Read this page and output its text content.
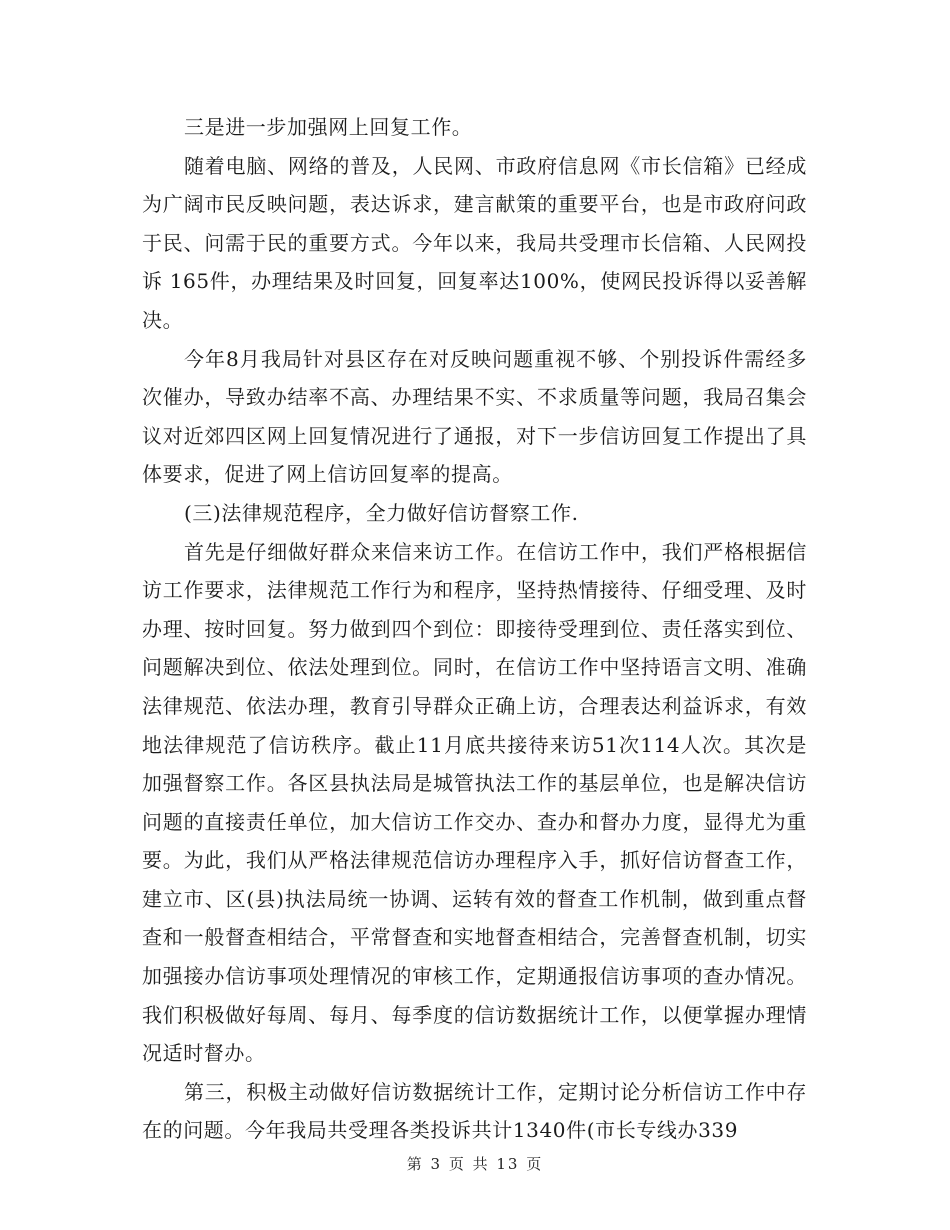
三是进一步加强网上回复工作。

随着电脑、网络的普及，人民网、市政府信息网《市长信箱》已经成为广阔市民反映问题，表达诉求，建言献策的重要平台，也是市政府问政于民、问需于民的重要方式。今年以来，我局共受理市长信箱、人民网投诉 165件，办理结果及时回复，回复率达100%，使网民投诉得以妥善解决。

今年8月我局针对县区存在对反映问题重视不够、个别投诉件需经多次催办，导致办结率不高、办理结果不实、不求质量等问题，我局召集会议对近郊四区网上回复情况进行了通报，对下一步信访回复工作提出了具体要求，促进了网上信访回复率的提高。

(三)法律规范程序，全力做好信访督察工作.

首先是仔细做好群众来信来访工作。在信访工作中，我们严格根据信访工作要求，法律规范工作行为和程序，坚持热情接待、仔细受理、及时办理、按时回复。努力做到四个到位：即接待受理到位、责任落实到位、问题解决到位、依法处理到位。同时，在信访工作中坚持语言文明、准确法律规范、依法办理，教育引导群众正确上访，合理表达利益诉求，有效地法律规范了信访秩序。截止11月底共接待来访51次114人次。其次是加强督察工作。各区县执法局是城管执法工作的基层单位，也是解决信访问题的直接责任单位，加大信访工作交办、查办和督办力度，显得尤为重要。为此，我们从严格法律规范信访办理程序入手，抓好信访督查工作，建立市、区(县)执法局统一协调、运转有效的督查工作机制，做到重点督查和一般督查相结合，平常督查和实地督查相结合，完善督查机制，切实加强接办信访事项处理情况的审核工作，定期通报信访事项的查办情况。我们积极做好每周、每月、每季度的信访数据统计工作，以便掌握办理情况适时督办。

第三，积极主动做好信访数据统计工作，定期讨论分析信访工作中存在的问题。今年我局共受理各类投诉共计1340件(市长专线办339

第 3 页 共 13 页
